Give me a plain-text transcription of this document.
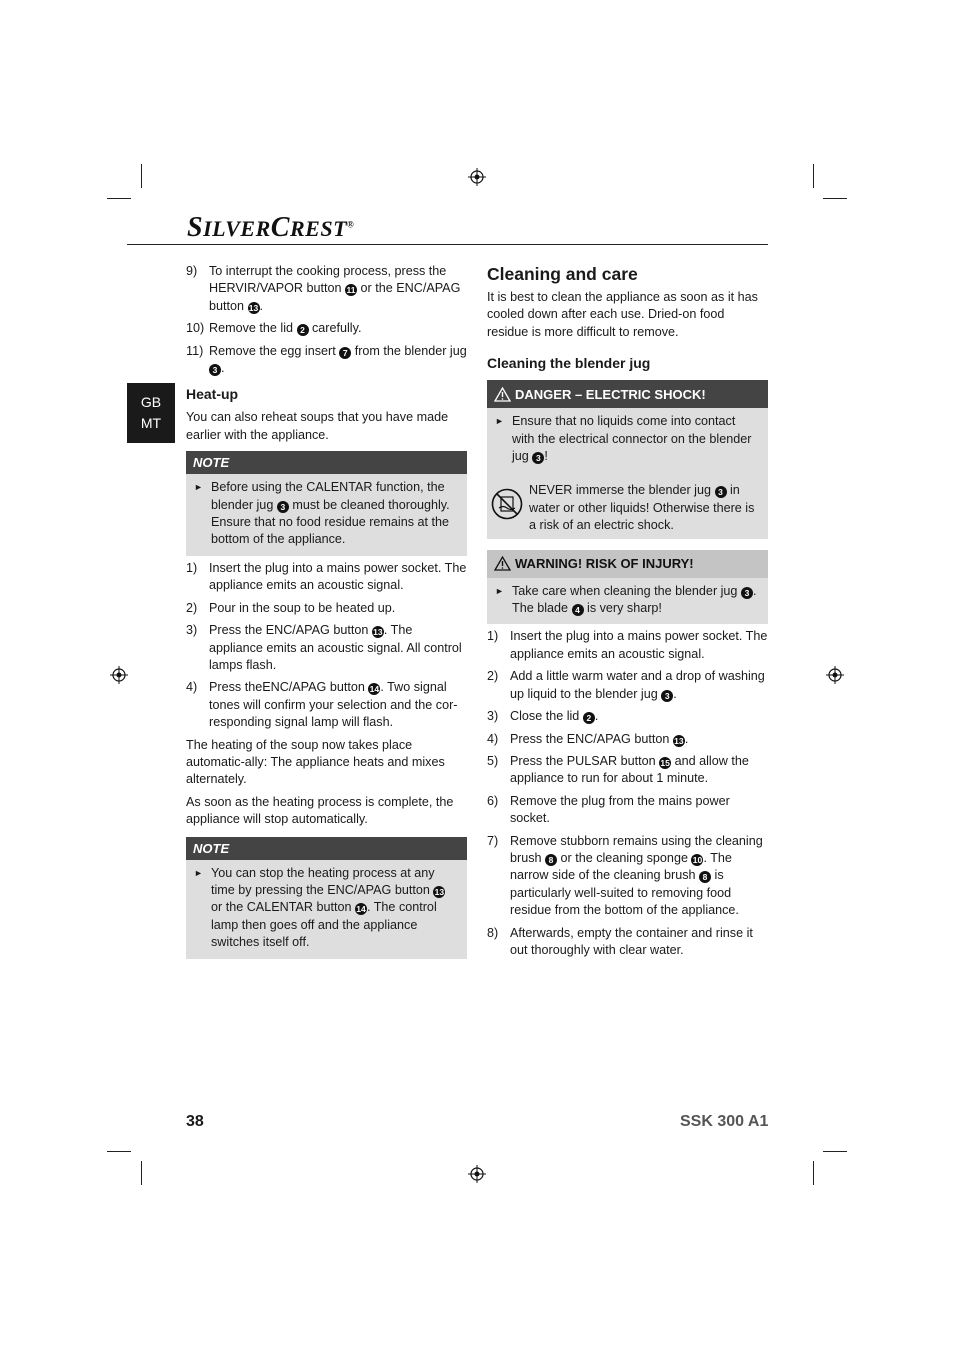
SILVERCREST®
GB
MT
9) To interrupt the cooking process, press the HERVIR/VAPOR button 11 or the ENC/APAG button 13.
10) Remove the lid 2 carefully.
11) Remove the egg insert 7 from the blender jug 3 .
Heat-up

You can also reheat soups that you have made earlier with the appliance.

NOTE
► Before using the CALENTAR function, the blender jug 3 must be cleaned thoroughly. Ensure that no food residue remains at the bottom of the appliance.
1) Insert the plug into a mains power socket. The appliance emits an acoustic signal.
2) Pour in the soup to be heated up.
3) Press the ENC/APAG button 13. The appliance emits an acoustic signal. All control lamps flash.
4) Press theENC/APAG button 14. Two signal tones will confirm your selection and the cor-responding signal lamp will flash.

The heating of the soup now takes place automatic-ally: The appliance heats and mixes alternately.

As soon as the heating process is complete, the appliance will stop automatically.

NOTE
► You can stop the heating process at any time by pressing the ENC/APAG button 13 or the CALENTAR button 14. The control lamp then goes off and the appliance switches itself off.
Cleaning and care

It is best to clean the appliance as soon as it has cooled down after each use. Dried-on food residue is more difficult to remove.

Cleaning the blender jug
DANGER – ELECTRIC SHOCK!
► Ensure that no liquids come into contact with the electrical connector on the blender jug 3 !
NEVER immerse the blender jug 3 in water or other liquids! Otherwise there is a risk of an electric shock.
WARNING! RISK OF INJURY!
► Take care when cleaning the blender jug 3 . The blade 4 is very sharp!
1) Insert the plug into a mains power socket. The appliance emits an acoustic signal.
2) Add a little warm water and a drop of washing up liquid to the blender jug 3 .
3) Close the lid 2 .
4) Press the ENC/APAG button 13.
5) Press the PULSAR button 15 and allow the appliance to run for about 1 minute.
6) Remove the plug from the mains power socket.
7) Remove stubborn remains using the cleaning brush 8 or the cleaning sponge 10. The narrow side of the cleaning brush 8 is particularly well-suited to removing food residue from the bottom of the appliance.
8) Afterwards, empty the container and rinse it out thoroughly with clear water.
38	SSK 300 A1
